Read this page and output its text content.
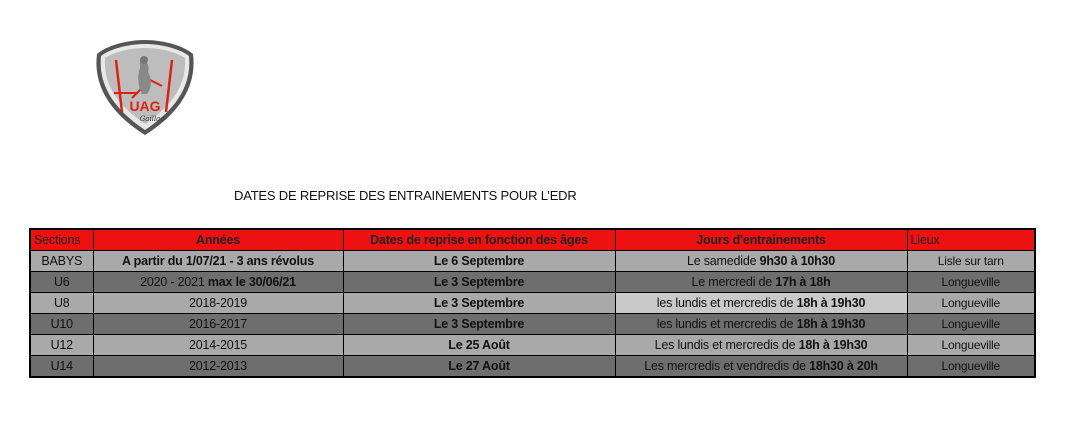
UAG
Gaillac
DATES DE REPRISE DES ENTRAINEMENTS POUR L’EDR
Sections	Années	Dates de reprise en fonction des âges	Jours d'entrainements	Lieux
BABYS	A partir du 1/07/21 - 3 ans révolus	Le 6 Septembre	Le samedide 9h30 à 10h30	Lisle sur tarn
U6	2020 - 2021 max le 30/06/21	Le 3 Septembre	Le mercredi de 17h à 18h	Longueville
U8	2018-2019	Le 3 Septembre	les lundis et mercredis de 18h à 19h30	Longueville
U10	2016-2017	Le 3 Septembre	les lundis et mercredis de 18h à 19h30	Longueville
U12	2014-2015	Le 25 Août	Les lundis et mercredis de 18h à 19h30	Longueville
U14	2012-2013	Le 27 Août	Les mercredis et vendredis de 18h30 à 20h	Longueville
